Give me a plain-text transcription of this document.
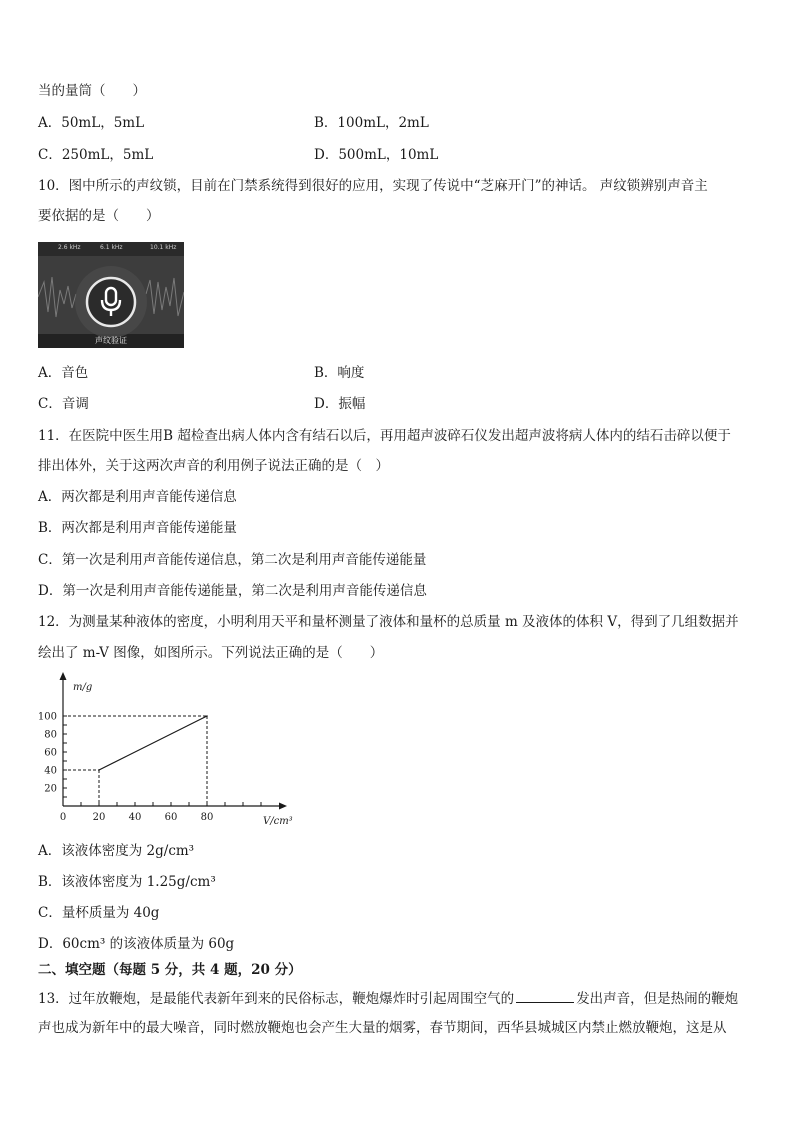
当的量筒（　　）
A．50mL，5mL	B．100mL，2mL
C．250mL，5mL	D．500mL，10mL
10．图中所示的声纹锁，目前在门禁系统得到很好的应用，实现了传说中“芝麻开门”的神话。 声纹锁辨别声音主
要依据的是（　　）
2.6 kHz	6.1 kHz	10.1 kHz
声纹验证
A．音色	B．响度
C．音调	D．振幅
11．在医院中医生用B 超检查出病人体内含有结石以后，再用超声波碎石仪发出超声波将病人体内的结石击碎以便于
排出体外，关于这两次声音的利用例子说法正确的是（　）
A．两次都是利用声音能传递信息
B．两次都是利用声音能传递能量
C．第一次是利用声音能传递信息，第二次是利用声音能传递能量
D．第一次是利用声音能传递能量，第二次是利用声音能传递信息
12．为测量某种液体的密度，小明利用天平和量杯测量了液体和量杯的总质量 m 及液体的体积 V，得到了几组数据并
绘出了 m-V 图像，如图所示。下列说法正确的是（　　）
0	20 40 60 80
20
40
60
80
100
m/g
V/cm³
A．该液体密度为 2g/cm³
B．该液体密度为 1.25g/cm³
C．量杯质量为 40g
D．60cm³ 的该液体质量为 60g
二、填空题（每题 5 分，共 4 题，20 分）
13．过年放鞭炮，是最能代表新年到来的民俗标志，鞭炮爆炸时引起周围空气的	发出声音，但是热闹的鞭炮
声也成为新年中的最大噪音，同时燃放鞭炮也会产生大量的烟雾，春节期间，西华县城城区内禁止燃放鞭炮，这是从
